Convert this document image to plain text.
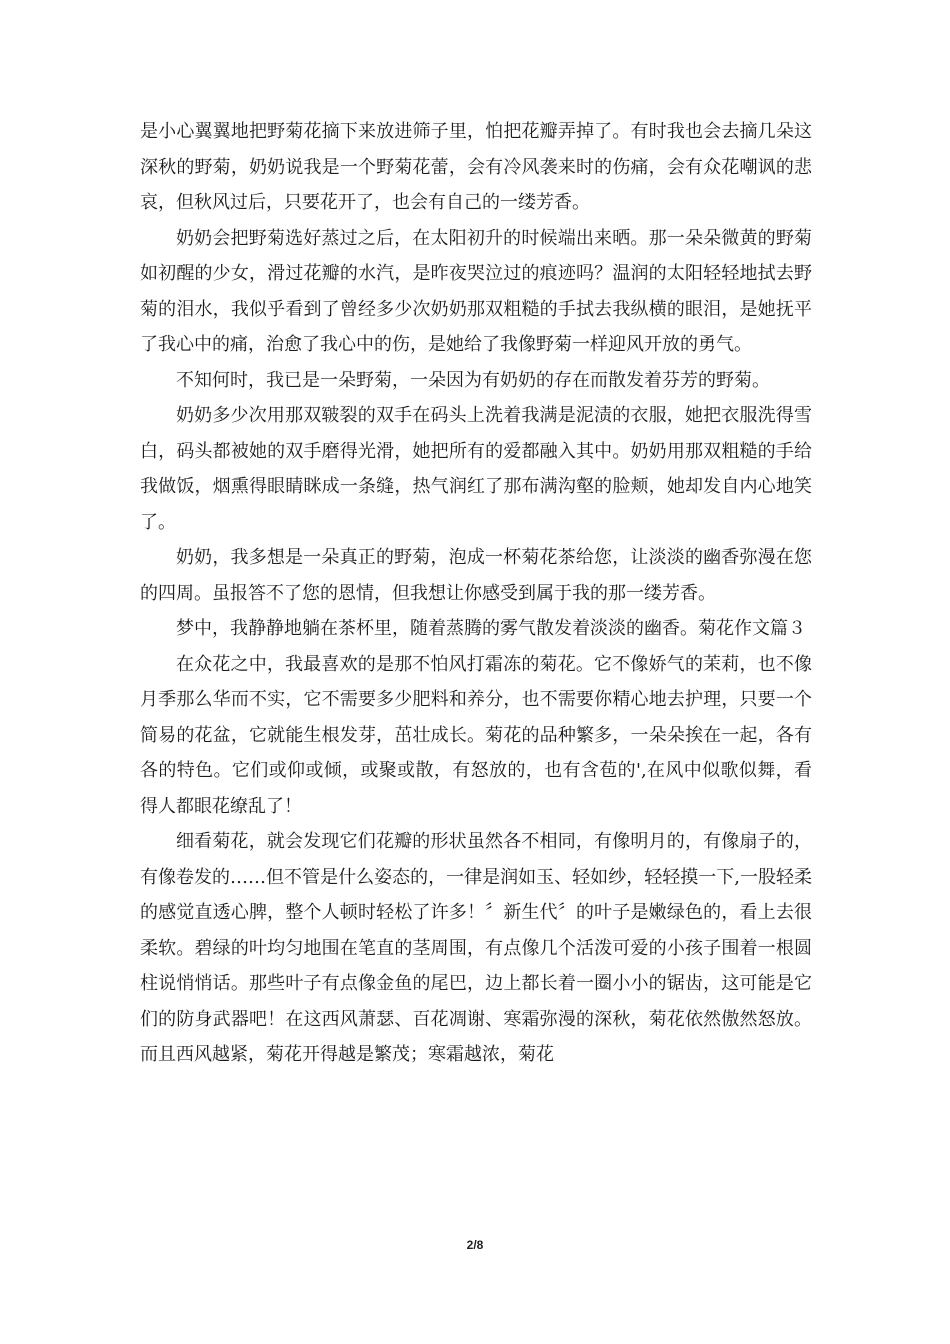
是小心翼翼地把野菊花摘下来放进筛子里，怕把花瓣弄掉了。有时我也会去摘几朵这深秋的野菊，奶奶说我是一个野菊花蕾，会有冷风袭来时的伤痛，会有众花嘲讽的悲哀，但秋风过后，只要花开了，也会有自己的一缕芳香。

奶奶会把野菊选好蒸过之后，在太阳初升的时候端出来晒。那一朵朵微黄的野菊如初醒的少女，滑过花瓣的水汽，是昨夜哭泣过的痕迹吗？温润的太阳轻轻地拭去野菊的泪水，我似乎看到了曾经多少次奶奶那双粗糙的手拭去我纵横的眼泪，是她抚平了我心中的痛，治愈了我心中的伤，是她给了我像野菊一样迎风开放的勇气。

不知何时，我已是一朵野菊，一朵因为有奶奶的存在而散发着芬芳的野菊。

奶奶多少次用那双皲裂的双手在码头上洗着我满是泥渍的衣服，她把衣服洗得雪白，码头都被她的双手磨得光滑，她把所有的爱都融入其中。奶奶用那双粗糙的手给我做饭，烟熏得眼睛眯成一条缝，热气润红了那布满沟壑的脸颊，她却发自内心地笑了。

奶奶，我多想是一朵真正的野菊，泡成一杯菊花茶给您，让淡淡的幽香弥漫在您的四周。虽报答不了您的恩情，但我想让你感受到属于我的那一缕芳香。

梦中，我静静地躺在茶杯里，随着蒸腾的雾气散发着淡淡的幽香。菊花作文篇３

在众花之中，我最喜欢的是那不怕风打霜冻的菊花。它不像娇气的茉莉，也不像月季那么华而不实，它不需要多少肥料和养分，也不需要你精心地去护理，只要一个简易的花盆，它就能生根发芽，茁壮成长。菊花的品种繁多，一朵朵挨在一起，各有各的特色。它们或仰或倾，或聚或散，有怒放的，也有含苞的',在风中似歌似舞，看得人都眼花缭乱了！

细看菊花，就会发现它们花瓣的形状虽然各不相同，有像明月的，有像扇子的，有像卷发的……但不管是什么姿态的，一律是润如玉、轻如纱，轻轻摸一下,一股轻柔的感觉直透心脾，整个人顿时轻松了许多！〞新生代〞的叶子是嫩绿色的，看上去很柔软。碧绿的叶均匀地围在笔直的茎周围，有点像几个活泼可爱的小孩子围着一根圆柱说悄悄话。那些叶子有点像金鱼的尾巴，边上都长着一圈小小的锯齿，这可能是它们的防身武器吧！在这西风萧瑟、百花凋谢、寒霜弥漫的深秋，菊花依然傲然怒放。而且西风越紧，菊花开得越是繁茂；寒霜越浓，菊花

2/8
